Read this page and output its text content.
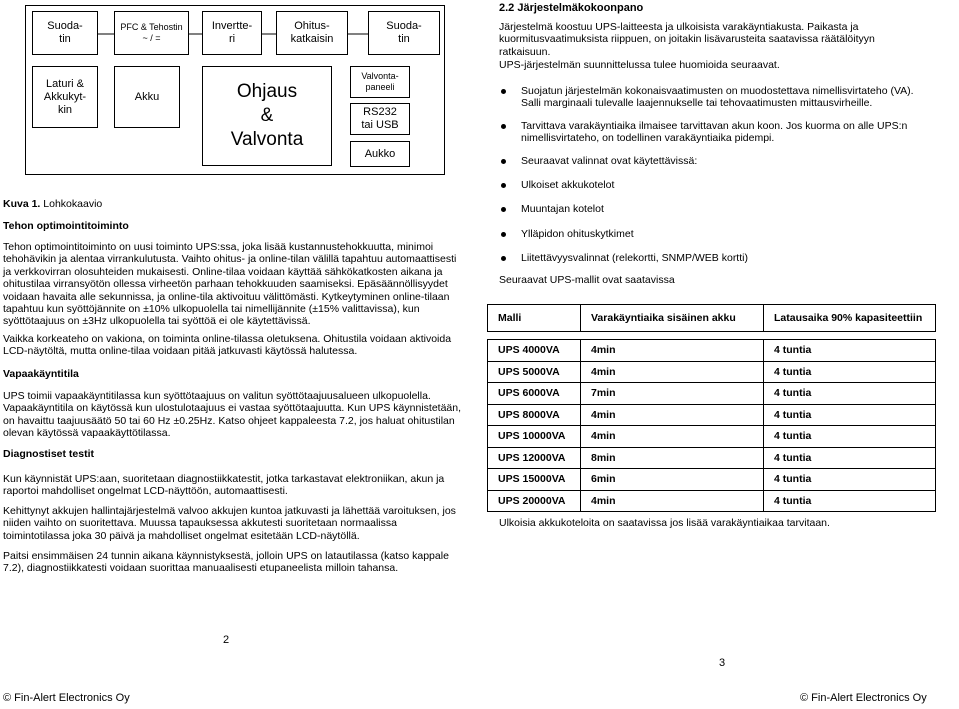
Suoda-
tin
PFC & Tehostin
~ / =
Invertte-
ri
Ohitus-
katkaisin
Suoda-
tin
Laturi &
Akkukyt-
kin
Akku	Ohjaus
&
Valvonta
Valvonta-
paneeli
RS232
tai USB
Aukko
Kuva 1. Lohkokaavio
Tehon optimointitoiminto
Tehon optimointitoiminto on uusi toiminto UPS:ssa, joka lisää kustannustehokkuutta, minimoi tehohävikin ja alentaa virrankulutusta. Vaihto ohitus- ja online-tilan välillä tapahtuu automaattisesti ja verkkovirran olosuhteiden mukaisesti. Online-tilaa voidaan käyttää sähkökatkosten aikana ja ohitustilaa virransyötön ollessa virheetön parhaan tehokkuuden saamiseksi. Epäsäännöllisyydet voidaan havaita alle sekunnissa, ja online-tila aktivoituu välittömästi. Kytkeytyminen online-tilaan tapahtuu kun syöttöjännite on ±10% ulkopuolella tai nimellijännite (±15% valittavissa), kun syöttötaajuus on ±3Hz ulkopuolella tai syöttöä ei ole käytettävissä.
Vaikka korkeateho on vakiona, on toiminta online-tilassa oletuksena. Ohitustila voidaan aktivoida LCD-näytöltä, mutta online-tilaa voidaan pitää jatkuvasti käytössä halutessa.
Vapaakäyntitila
UPS toimii vapaakäyntitilassa kun syöttötaajuus on valitun syöttötaajuusalueen ulkopuolella. Vapaakäyntitila on käytössä kun ulostulotaajuus ei vastaa syöttötaajuutta. Kun UPS käynnistetään, on havaittu taajuusäätö 50 tai 60 Hz ±0.25Hz. Katso ohjeet kappaleesta 7.2, jos haluat ohitustilan olevan käytössä vapaakäyttötilassa.
Diagnostiset testit
Kun käynnistät UPS:aan, suoritetaan diagnostiikkatestit, jotka tarkastavat elektroniikan, akun ja raportoi mahdolliset ongelmat LCD-näyttöön, automaattisesti.
Kehittynyt akkujen hallintajärjestelmä valvoo akkujen kuntoa jatkuvasti ja lähettää varoituksen, jos niiden vaihto on suoritettava. Muussa tapauksessa akkutesti suoritetaan normaalissa toimintotilassa joka 30 päivä ja mahdolliset ongelmat esitetään LCD-näytöllä.
Paitsi ensimmäisen 24 tunnin aikana käynnistyksestä, jolloin UPS on latautilassa (katso kappale 7.2), diagnostiikkatesti voidaan suorittaa manuaalisesti etupaneelista milloin tahansa.
2
© Fin-Alert Electronics Oy
2.2 Järjestelmäkokoonpano
Järjestelmä koostuu UPS-laitteesta ja ulkoisista varakäyntiakusta. Paikasta ja kuormitusvaatimuksista riippuen, on joitakin lisävarusteita saatavissa räätälöityyn ratkaisuun.
UPS-järjestelmän suunnittelussa tulee huomioida seuraavat.
Suojatun järjestelmän kokonaisvaatimusten on muodostettava nimellisvirtateho (VA). Salli marginaali tulevalle laajennukselle tai tehovaatimusten mittausvirheille.
Tarvittava varakäyntiaika ilmaisee tarvittavan akun koon. Jos kuorma on alle UPS:n nimellisvirtateho, on todellinen varakäyntiaika pidempi.
Seuraavat valinnat ovat käytettävissä:
Ulkoiset akkukotelot
Muuntajan kotelot
Ylläpidon ohituskytkimet
Liitettävyysvalinnat (relekortti, SNMP/WEB kortti)
Seuraavat UPS-mallit ovat saatavissa
Malli	Varakäyntiaika sisäinen akku	Latausaika 90% kapasiteettiin

UPS 4000VA	4min	4 tuntia
UPS 5000VA	4min	4 tuntia
UPS 6000VA	7min	4 tuntia
UPS 8000VA	4min	4 tuntia
UPS 10000VA	4min	4 tuntia
UPS 12000VA	8min	4 tuntia
UPS 15000VA	6min	4 tuntia
UPS 20000VA	4min	4 tuntia
Ulkoisia akkukoteloita on saatavissa jos lisää varakäyntiaikaa tarvitaan.
3
© Fin-Alert Electronics Oy
